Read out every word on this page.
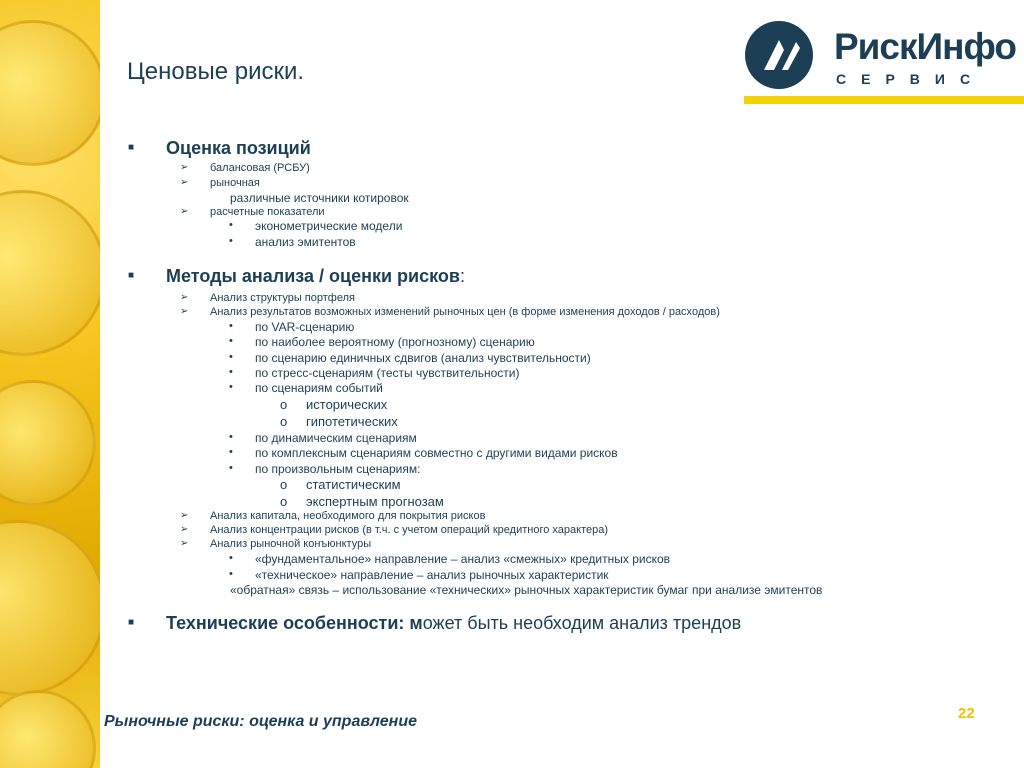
Ценовые риски.
РискИнфо
СЕРВИС
■ Оценка позиций
➢ балансовая (РСБУ)
➢ рыночная
различные источники котировок
➢ расчетные показатели
• эконометрические модели
• анализ эмитентов
■ Методы анализа / оценки рисков:
➢ Анализ структуры портфеля
➢ Анализ результатов возможных изменений рыночных цен (в форме изменения доходов / расходов)
• по VAR-сценарию
• по наиболее вероятному (прогнозному) сценарию
• по сценарию единичных сдвигов (анализ чувствительности)
• по стресс-сценариям (тесты чувствительности)
• по сценариям событий
o исторических
o гипотетических
• по динамическим сценариям
• по комплексным сценариям совместно с другими видами рисков
• по произвольным сценариям:
o статистическим
o экспертным прогнозам
➢ Анализ капитала, необходимого для покрытия рисков
➢ Анализ концентрации рисков (в т.ч. с учетом операций кредитного характера)
➢ Анализ рыночной конъюнктуры
• «фундаментальное» направление – анализ «смежных» кредитных рисков
• «техническое» направление – анализ рыночных характеристик
«обратная» связь – использование «технических» рыночных характеристик бумаг при анализе эмитентов
■ Технические особенности: может быть необходим анализ трендов
Рыночные риски: оценка и управление	22
